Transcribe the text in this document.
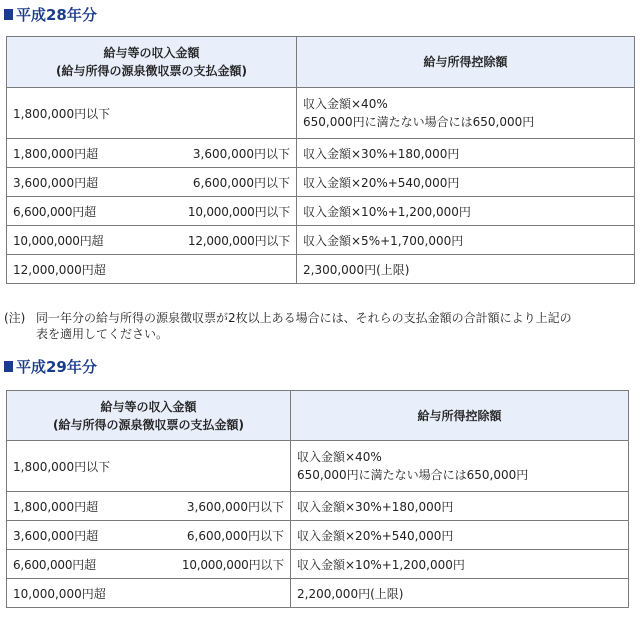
平成28年分
給与等の収入金額
(給与所得の源泉徴収票の支払金額)	給与所得控除額

1,800,000円以下	収入金額×40%
650,000円に満たない場合には650,000円

1,800,000円超 3,600,000円以下	収入金額×30%+180,000円

3,600,000円超 6,600,000円以下	収入金額×20%+540,000円

6,600,000円超 10,000,000円以下	収入金額×10%+1,200,000円

10,000,000円超 12,000,000円以下	収入金額×5%+1,700,000円

12,000,000円超	2,300,000円(上限)
(注) 同一年分の給与所得の源泉徴収票が2枚以上ある場合には、それらの支払金額の合計額により上記の
表を適用してください。
平成29年分
給与等の収入金額
(給与所得の源泉徴収票の支払金額)	給与所得控除額

1,800,000円以下	収入金額×40%
650,000円に満たない場合には650,000円

1,800,000円超 3,600,000円以下	収入金額×30%+180,000円

3,600,000円超 6,600,000円以下	収入金額×20%+540,000円

6,600,000円超 10,000,000円以下	収入金額×10%+1,200,000円

10,000,000円超	2,200,000円(上限)
